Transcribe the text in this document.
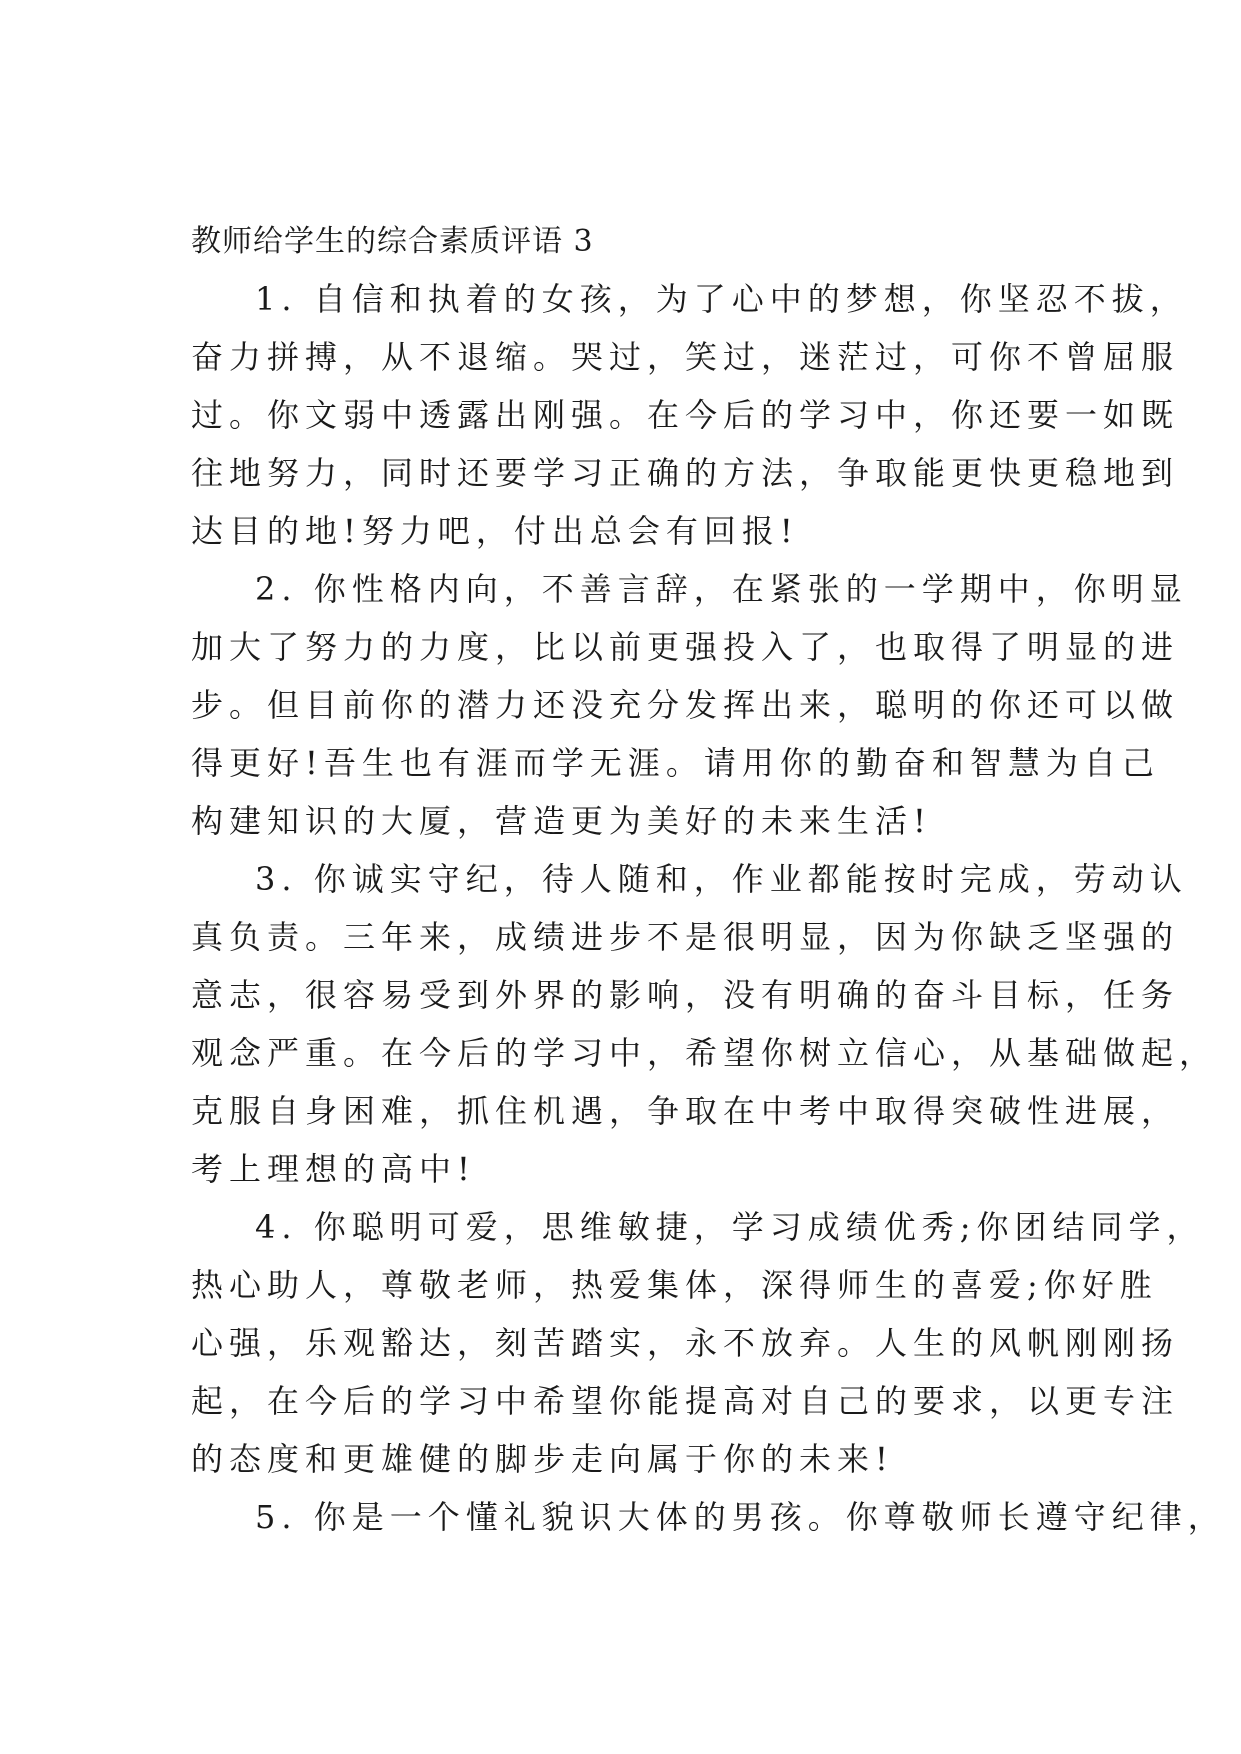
教师给学生的综合素质评语 3
1. 自信和执着的女孩，为了心中的梦想，你坚忍不拔，
奋力拼搏，从不退缩。哭过，笑过，迷茫过，可你不曾屈服
过。你文弱中透露出刚强。在今后的学习中，你还要一如既
往地努力，同时还要学习正确的方法，争取能更快更稳地到
达目的地!努力吧，付出总会有回报!
2. 你性格内向，不善言辞，在紧张的一学期中，你明显
加大了努力的力度，比以前更强投入了，也取得了明显的进
步。但目前你的潜力还没充分发挥出来，聪明的你还可以做
得更好!吾生也有涯而学无涯。请用你的勤奋和智慧为自己
构建知识的大厦，营造更为美好的未来生活!
3. 你诚实守纪，待人随和，作业都能按时完成，劳动认
真负责。三年来，成绩进步不是很明显，因为你缺乏坚强的
意志，很容易受到外界的影响，没有明确的奋斗目标，任务
观念严重。在今后的学习中，希望你树立信心，从基础做起，
克服自身困难，抓住机遇，争取在中考中取得突破性进展，
考上理想的高中!
4. 你聪明可爱，思维敏捷，学习成绩优秀;你团结同学，
热心助人，尊敬老师，热爱集体，深得师生的喜爱;你好胜
心强，乐观豁达，刻苦踏实，永不放弃。人生的风帆刚刚扬
起，在今后的学习中希望你能提高对自己的要求，以更专注
的态度和更雄健的脚步走向属于你的未来!
5. 你是一个懂礼貌识大体的男孩。你尊敬师长遵守纪律，
